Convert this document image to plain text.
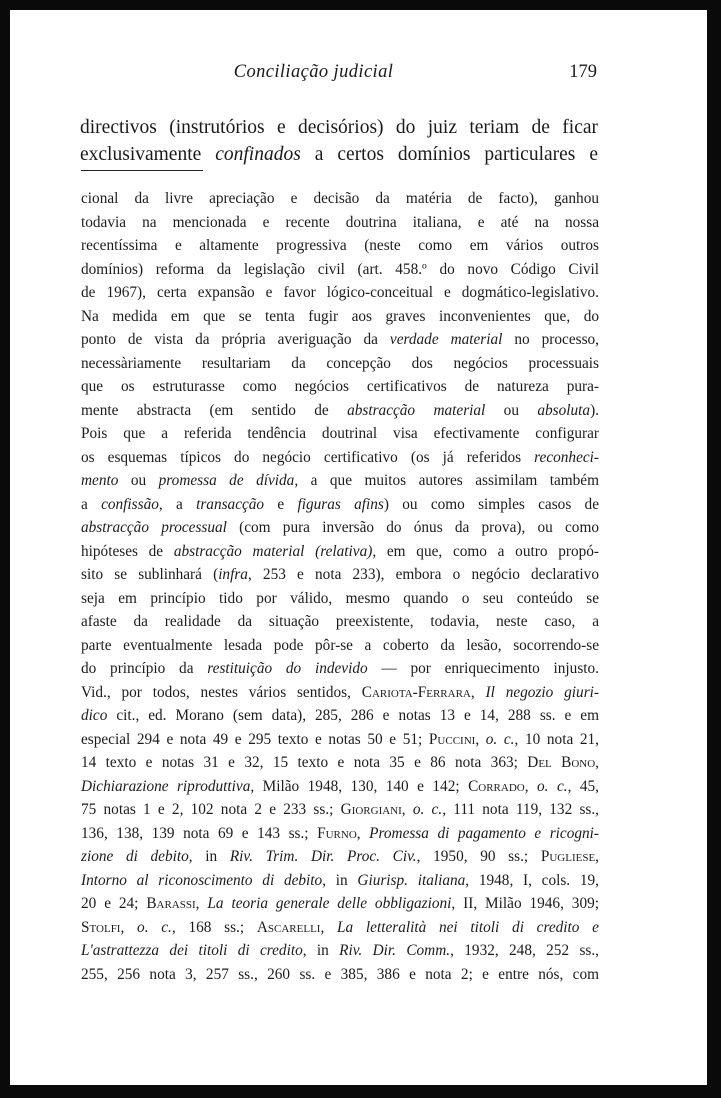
Conciliação judicial	179
directivos (instrutórios e decisórios) do juiz teriam de ficar
exclusivamente confinados a certos domínios particulares e
cional da livre apreciação e decisão da matéria de facto), ganhou
todavia na mencionada e recente doutrina italiana, e até na nossa
recentíssima e altamente progressiva (neste como em vários outros
domínios) reforma da legislação civil (art. 458.º do novo Código Civil
de 1967), certa expansão e favor lógico-conceitual e dogmático-legislativo.
Na medida em que se tenta fugir aos graves inconvenientes que, do
ponto de vista da própria averiguação da verdade material no processo,
necessàriamente resultariam da concepção dos negócios processuais
que os estruturasse como negócios certificativos de natureza pura-
mente abstracta (em sentido de abstracção material ou absoluta).
Pois que a referida tendência doutrinal visa efectivamente configurar
os esquemas típicos do negócio certificativo (os já referidos reconheci-
mento ou promessa de dívida, a que muitos autores assimilam também
a confissão, a transacção e figuras afins) ou como simples casos de
abstracção processual (com pura inversão do ónus da prova), ou como
hipóteses de abstracção material (relativa), em que, como a outro propó-
sito se sublinhará (infra, 253 e nota 233), embora o negócio declarativo
seja em princípio tido por válido, mesmo quando o seu conteúdo se
afaste da realidade da situação preexistente, todavia, neste caso, a
parte eventualmente lesada pode pôr-se a coberto da lesão, socorrendo-se
do princípio da restituição do indevido — por enriquecimento injusto.
Vid., por todos, nestes vários sentidos, Cariota-Ferrara, Il negozio giuri-
dico cit., ed. Morano (sem data), 285, 286 e notas 13 e 14, 288 ss. e em
especial 294 e nota 49 e 295 texto e notas 50 e 51; Puccini, o. c., 10 nota 21,
14 texto e notas 31 e 32, 15 texto e nota 35 e 86 nota 363; Del Bono,
Dichiarazione riproduttiva, Milão 1948, 130, 140 e 142; Corrado, o. c., 45,
75 notas 1 e 2, 102 nota 2 e 233 ss.; Giorgiani, o. c., 111 nota 119, 132 ss.,
136, 138, 139 nota 69 e 143 ss.; Furno, Promessa di pagamento e ricogni-
zione di debito, in Riv. Trim. Dir. Proc. Civ., 1950, 90 ss.; Pugliese,
Intorno al riconoscimento di debito, in Giurisp. italiana, 1948, I, cols. 19,
20 e 24; Barassi, La teoria generale delle obbligazioni, II, Milão 1946, 309;
Stolfi, o. c., 168 ss.; Ascarelli, La letteralità nei titoli di credito e
L'astrattezza dei titoli di credito, in Riv. Dir. Comm., 1932, 248, 252 ss.,
255, 256 nota 3, 257 ss., 260 ss. e 385, 386 e nota 2; e entre nós, com
